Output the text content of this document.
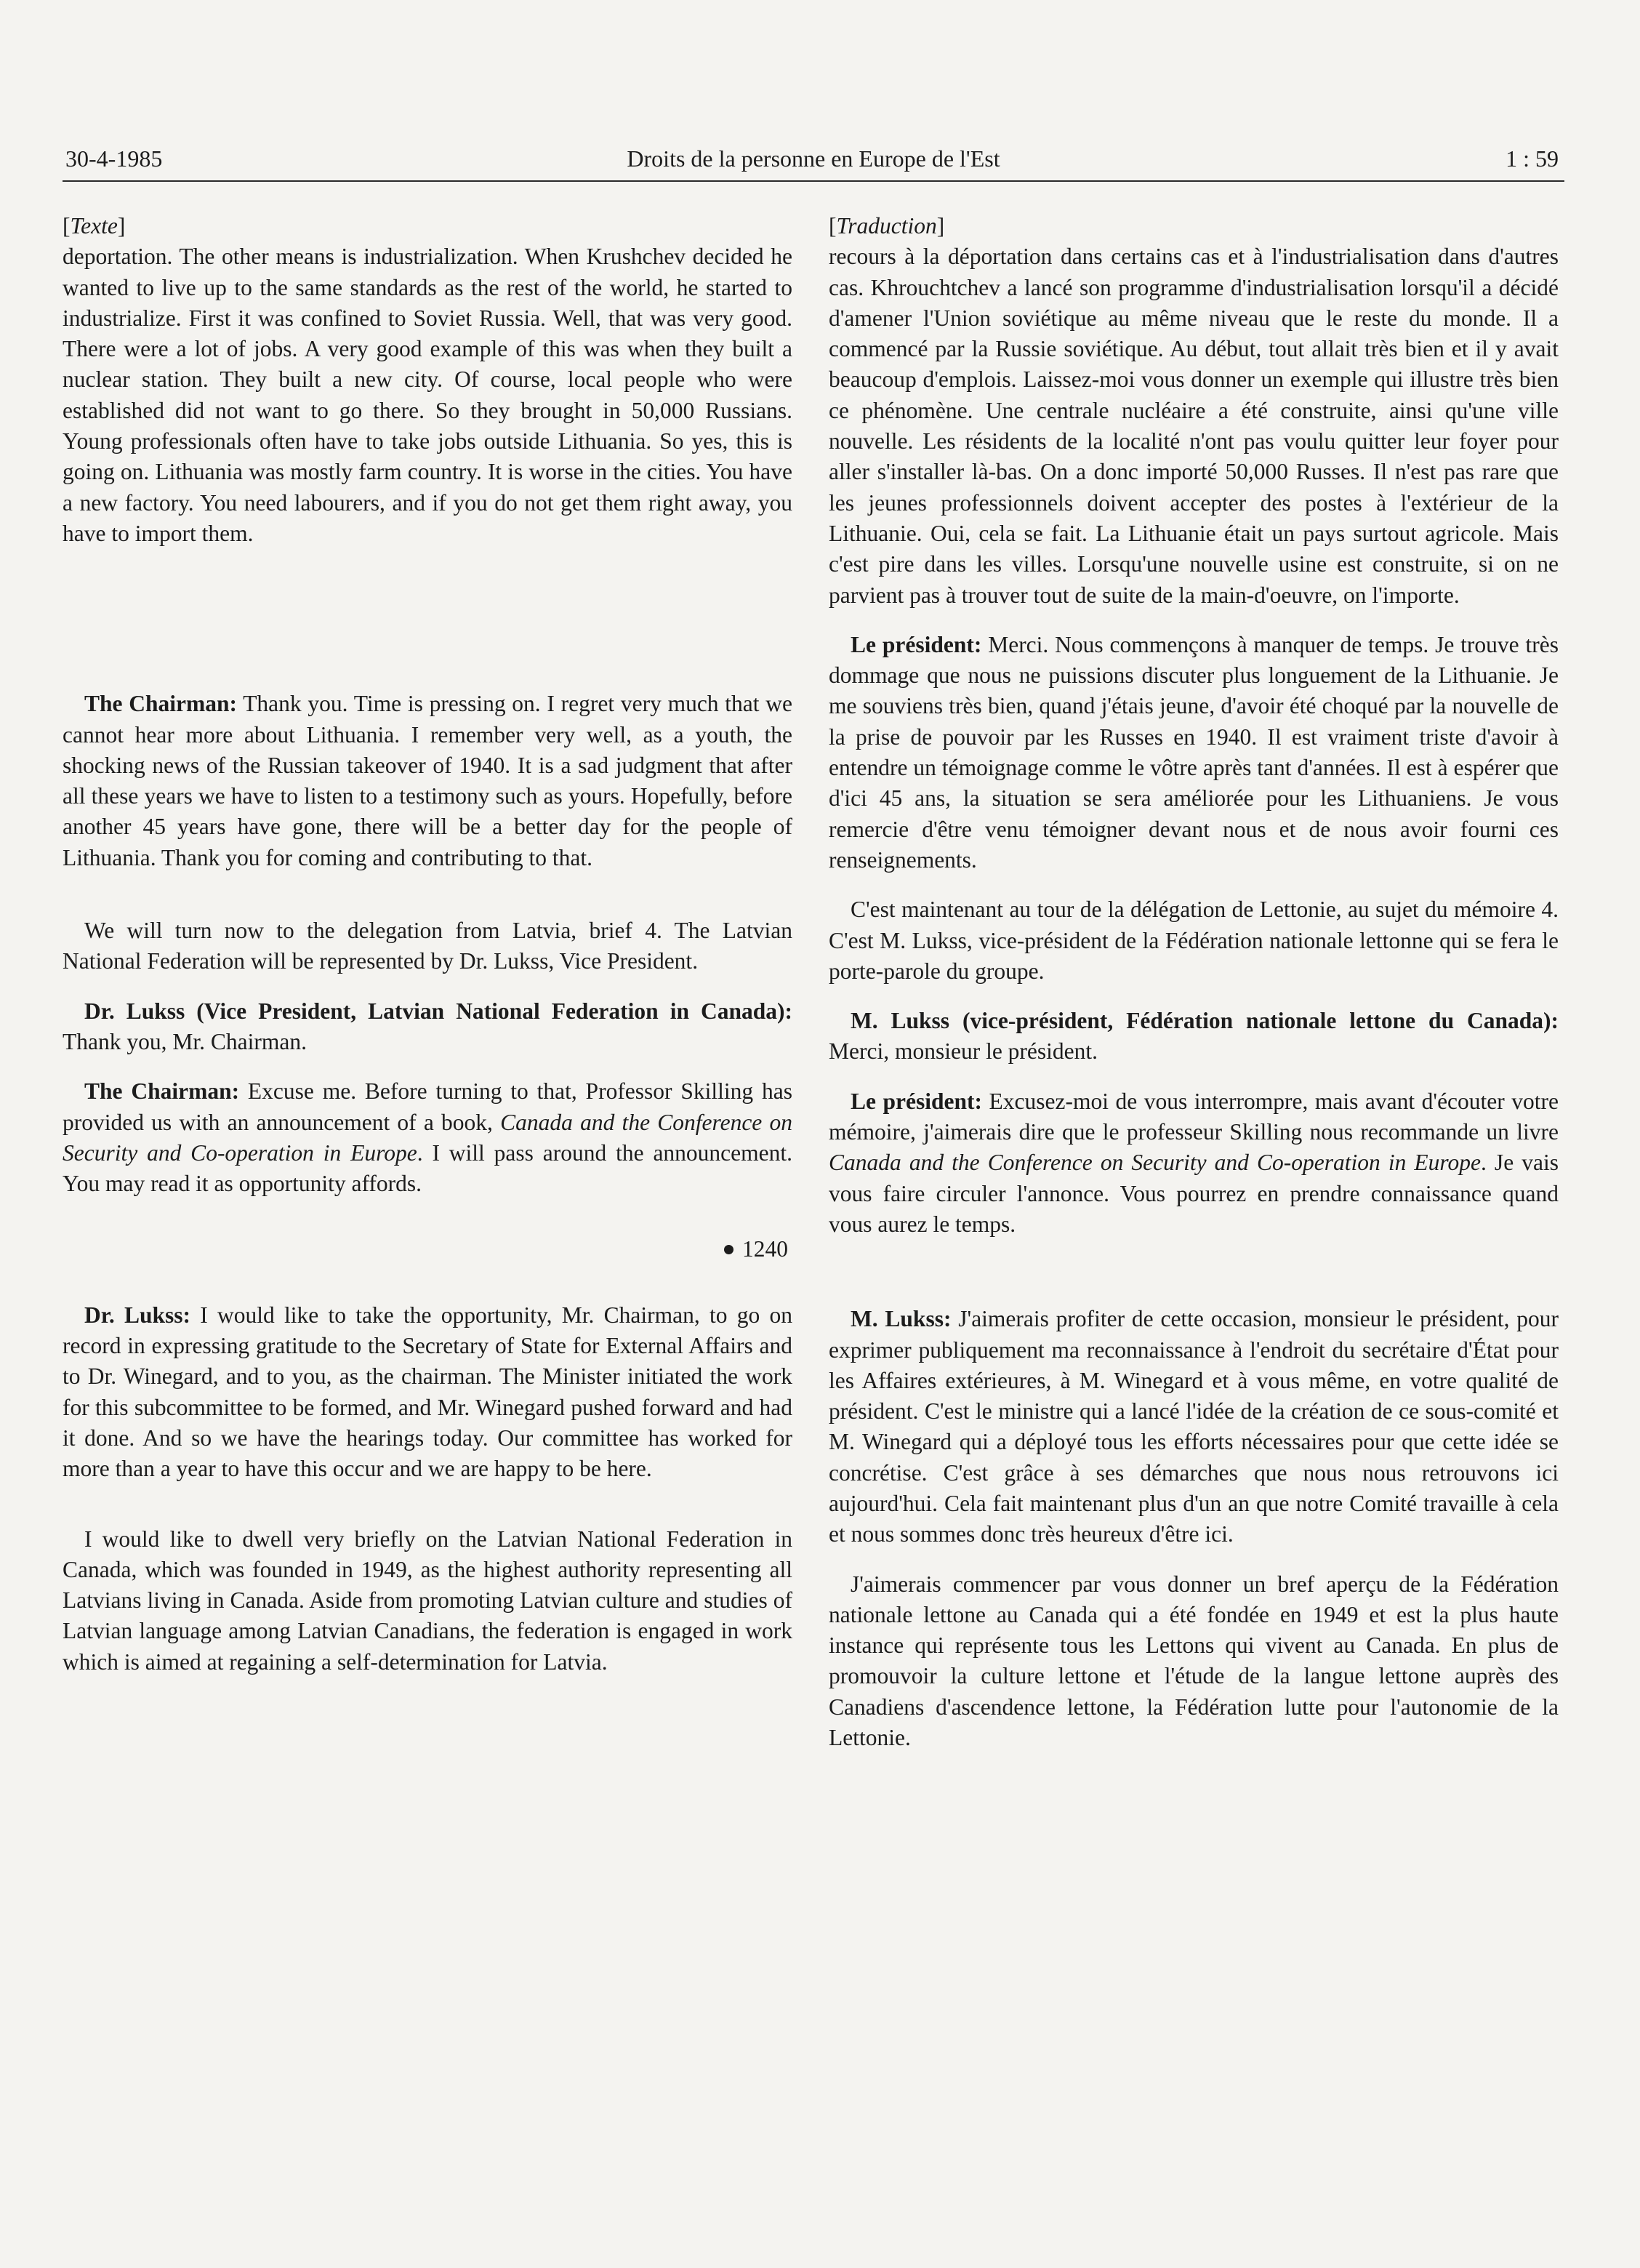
30-4-1985	Droits de la personne en Europe de l'Est	1 : 59

[Texte]

deportation. The other means is industrialization. When Krushchev decided he wanted to live up to the same standards as the rest of the world, he started to industrialize. First it was confined to Soviet Russia. Well, that was very good. There were a lot of jobs. A very good example of this was when they built a nuclear station. They built a new city. Of course, local people who were established did not want to go there. So they brought in 50,000 Russians. Young professionals often have to take jobs outside Lithuania. So yes, this is going on. Lithuania was mostly farm country. It is worse in the cities. You have a new factory. You need labourers, and if you do not get them right away, you have to import them.

The Chairman: Thank you. Time is pressing on. I regret very much that we cannot hear more about Lithuania. I remember very well, as a youth, the shocking news of the Russian takeover of 1940. It is a sad judgment that after all these years we have to listen to a testimony such as yours. Hopefully, before another 45 years have gone, there will be a better day for the people of Lithuania. Thank you for coming and contributing to that.

We will turn now to the delegation from Latvia, brief 4. The Latvian National Federation will be represented by Dr. Lukss, Vice President.

Dr. Lukss (Vice President, Latvian National Federation in Canada): Thank you, Mr. Chairman.

The Chairman: Excuse me. Before turning to that, Professor Skilling has provided us with an announcement of a book, Canada and the Conference on Security and Co-operation in Europe. I will pass around the announcement. You may read it as opportunity affords.

1240

Dr. Lukss: I would like to take the opportunity, Mr. Chairman, to go on record in expressing gratitude to the Secretary of State for External Affairs and to Dr. Winegard, and to you, as the chairman. The Minister initiated the work for this subcommittee to be formed, and Mr. Winegard pushed forward and had it done. And so we have the hearings today. Our committee has worked for more than a year to have this occur and we are happy to be here.

I would like to dwell very briefly on the Latvian National Federation in Canada, which was founded in 1949, as the highest authority representing all Latvians living in Canada. Aside from promoting Latvian culture and studies of Latvian language among Latvian Canadians, the federation is engaged in work which is aimed at regaining a self-determination for Latvia.

[Traduction]

recours à la déportation dans certains cas et à l'industrialisation dans d'autres cas. Khrouchtchev a lancé son programme d'industrialisation lorsqu'il a décidé d'amener l'Union soviétique au même niveau que le reste du monde. Il a commencé par la Russie soviétique. Au début, tout allait très bien et il y avait beaucoup d'emplois. Laissez-moi vous donner un exemple qui illustre très bien ce phénomène. Une centrale nucléaire a été construite, ainsi qu'une ville nouvelle. Les résidents de la localité n'ont pas voulu quitter leur foyer pour aller s'installer là-bas. On a donc importé 50,000 Russes. Il n'est pas rare que les jeunes professionnels doivent accepter des postes à l'extérieur de la Lithuanie. Oui, cela se fait. La Lithuanie était un pays surtout agricole. Mais c'est pire dans les villes. Lorsqu'une nouvelle usine est construite, si on ne parvient pas à trouver tout de suite de la main-d'oeuvre, on l'importe.

Le président: Merci. Nous commençons à manquer de temps. Je trouve très dommage que nous ne puissions discuter plus longuement de la Lithuanie. Je me souviens très bien, quand j'étais jeune, d'avoir été choqué par la nouvelle de la prise de pouvoir par les Russes en 1940. Il est vraiment triste d'avoir à entendre un témoignage comme le vôtre après tant d'années. Il est à espérer que d'ici 45 ans, la situation se sera améliorée pour les Lithuaniens. Je vous remercie d'être venu témoigner devant nous et de nous avoir fourni ces renseignements.

C'est maintenant au tour de la délégation de Lettonie, au sujet du mémoire 4. C'est M. Lukss, vice-président de la Fédération nationale lettonne qui se fera le porte-parole du groupe.

M. Lukss (vice-président, Fédération nationale lettone du Canada): Merci, monsieur le président.

Le président: Excusez-moi de vous interrompre, mais avant d'écouter votre mémoire, j'aimerais dire que le professeur Skilling nous recommande un livre Canada and the Conference on Security and Co-operation in Europe. Je vais vous faire circuler l'annonce. Vous pourrez en prendre connaissance quand vous aurez le temps.

M. Lukss: J'aimerais profiter de cette occasion, monsieur le président, pour exprimer publiquement ma reconnaissance à l'endroit du secrétaire d'État pour les Affaires extérieures, à M. Winegard et à vous même, en votre qualité de président. C'est le ministre qui a lancé l'idée de la création de ce sous-comité et M. Winegard qui a déployé tous les efforts nécessaires pour que cette idée se concrétise. C'est grâce à ses démarches que nous nous retrouvons ici aujourd'hui. Cela fait maintenant plus d'un an que notre Comité travaille à cela et nous sommes donc très heureux d'être ici.

J'aimerais commencer par vous donner un bref aperçu de la Fédération nationale lettone au Canada qui a été fondée en 1949 et est la plus haute instance qui représente tous les Lettons qui vivent au Canada. En plus de promouvoir la culture lettone et l'étude de la langue lettone auprès des Canadiens d'ascendence lettone, la Fédération lutte pour l'autonomie de la Lettonie.
